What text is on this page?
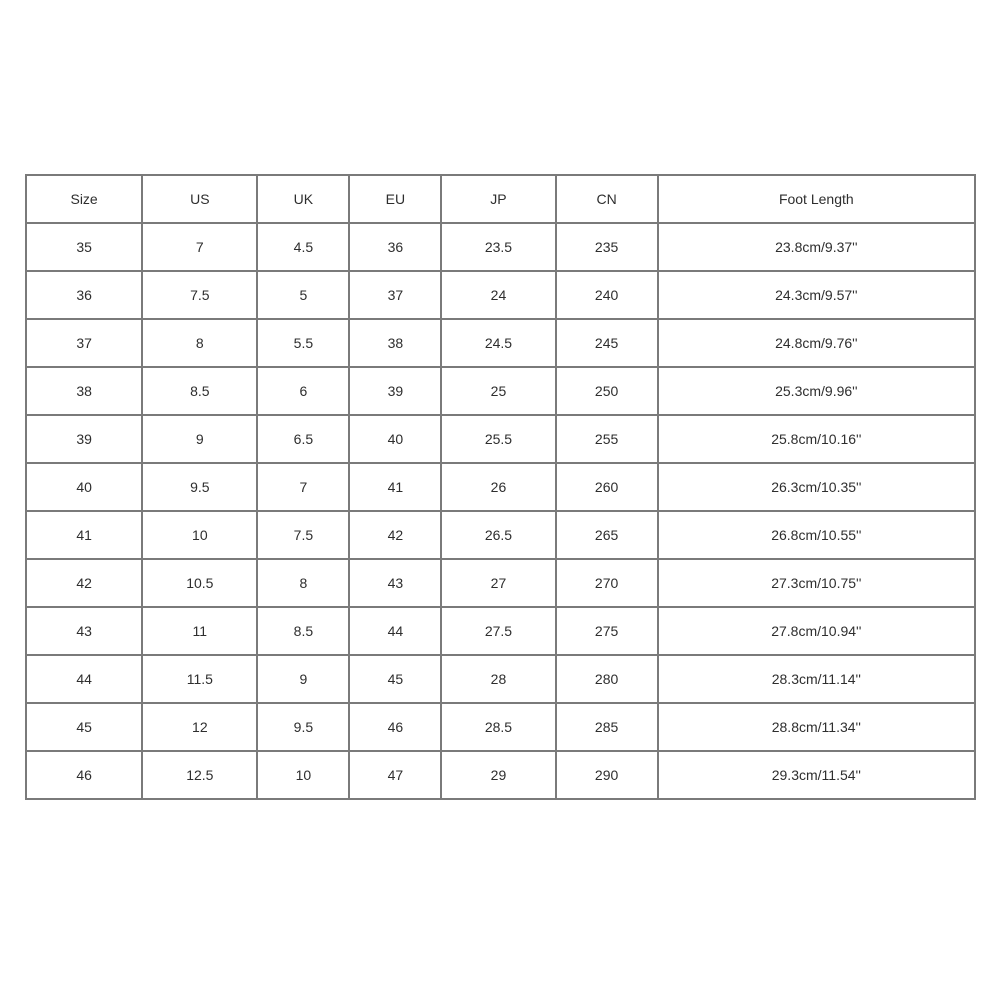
Size	US	UK	EU	JP	CN	Foot Length
35	7	4.5	36	23.5	235	23.8cm/9.37''
36	7.5	5	37	24	240	24.3cm/9.57''
37	8	5.5	38	24.5	245	24.8cm/9.76''
38	8.5	6	39	25	250	25.3cm/9.96''
39	9	6.5	40	25.5	255	25.8cm/10.16''
40	9.5	7	41	26	260	26.3cm/10.35''
41	10	7.5	42	26.5	265	26.8cm/10.55''
42	10.5	8	43	27	270	27.3cm/10.75''
43	11	8.5	44	27.5	275	27.8cm/10.94''
44	11.5	9	45	28	280	28.3cm/11.14''
45	12	9.5	46	28.5	285	28.8cm/11.34''
46	12.5	10	47	29	290	29.3cm/11.54''
